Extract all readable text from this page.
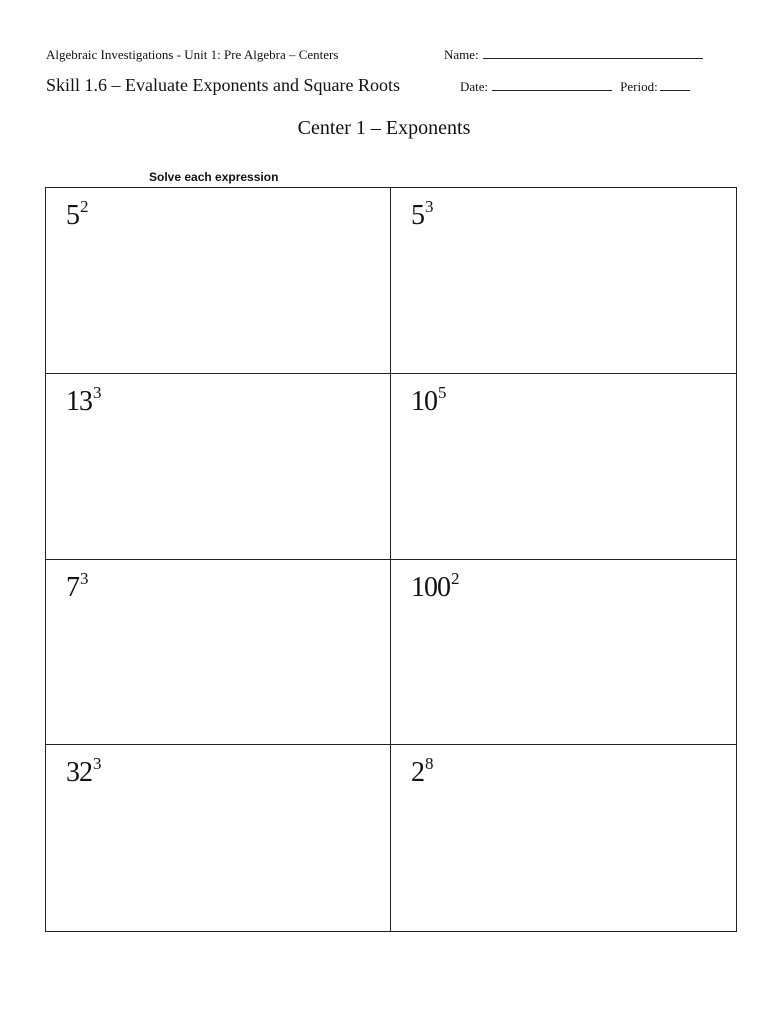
Algebraic Investigations - Unit 1: Pre Algebra – Centers	Name:
Skill 1.6 – Evaluate Exponents and Square Roots	Date:	Period:
Center 1 – Exponents
Solve each expression
$5^2$	$5^3$
$13^3$	$10^5$
$7^3$	$100^2$
$32^3$	$2^8$
